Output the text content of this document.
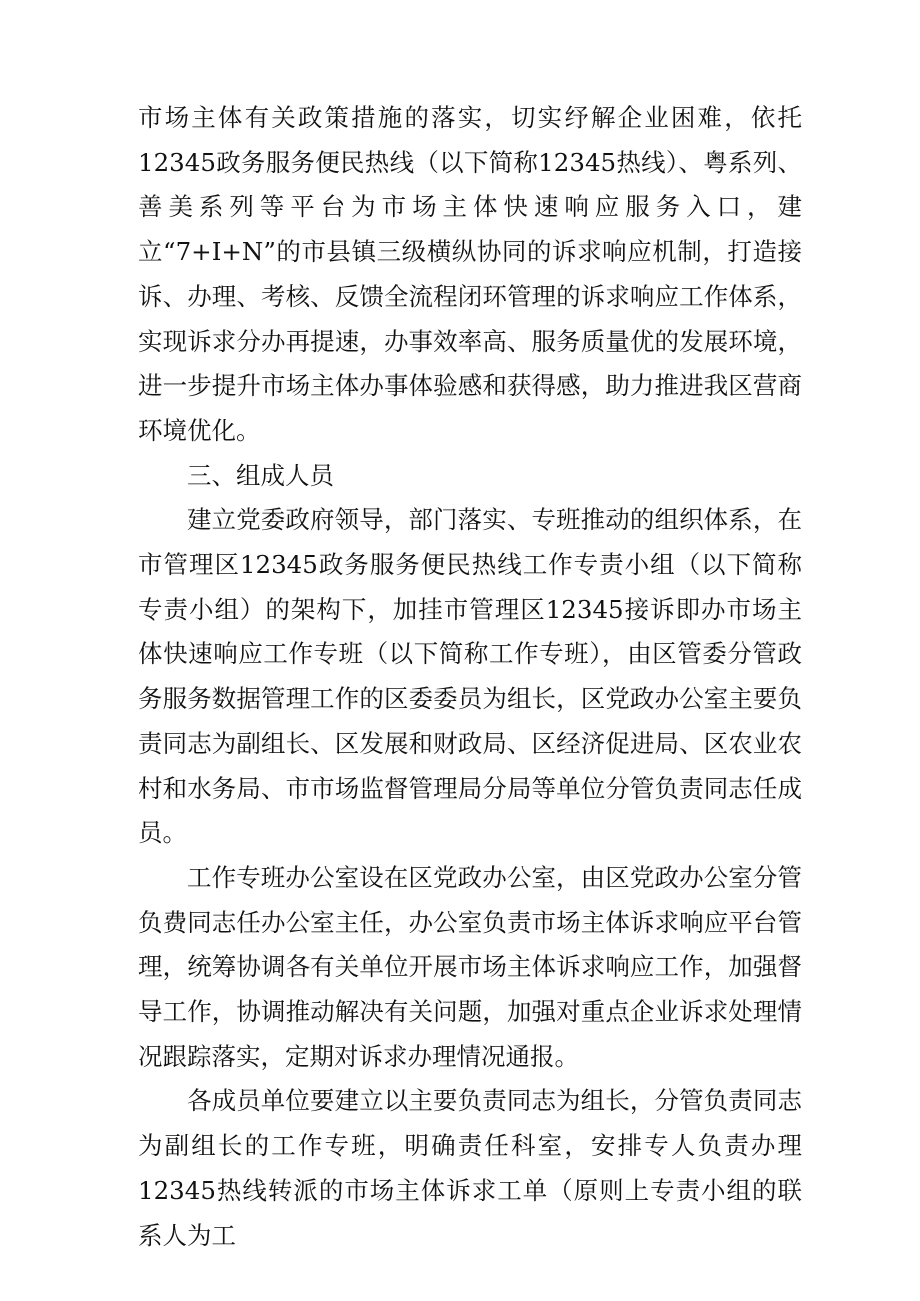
市场主体有关政策措施的落实，切实纾解企业困难，依托12345政务服务便民热线（以下简称12345热线）、粤系列、善美系列等平台为市场主体快速响应服务入口，建立“7+I+N”的市县镇三级横纵协同的诉求响应机制，打造接诉、办理、考核、反馈全流程闭环管理的诉求响应工作体系，实现诉求分办再提速，办事效率高、服务质量优的发展环境，进一步提升市场主体办事体验感和获得感，助力推进我区营商环境优化。

三、组成人员

建立党委政府领导，部门落实、专班推动的组织体系，在市管理区12345政务服务便民热线工作专责小组（以下简称专责小组）的架构下，加挂市管理区12345接诉即办市场主体快速响应工作专班（以下简称工作专班），由区管委分管政务服务数据管理工作的区委委员为组长，区党政办公室主要负责同志为副组长、区发展和财政局、区经济促进局、区农业农村和水务局、市市场监督管理局分局等单位分管负责同志任成员。

工作专班办公室设在区党政办公室，由区党政办公室分管负费同志任办公室主任，办公室负责市场主体诉求响应平台管理，统筹协调各有关单位开展市场主体诉求响应工作，加强督导工作，协调推动解决有关问题，加强对重点企业诉求处理情况跟踪落实，定期对诉求办理情况通报。

各成员单位要建立以主要负责同志为组长，分管负责同志为副组长的工作专班，明确责任科室，安排专人负责办理12345热线转派的市场主体诉求工单（原则上专责小组的联系人为工
